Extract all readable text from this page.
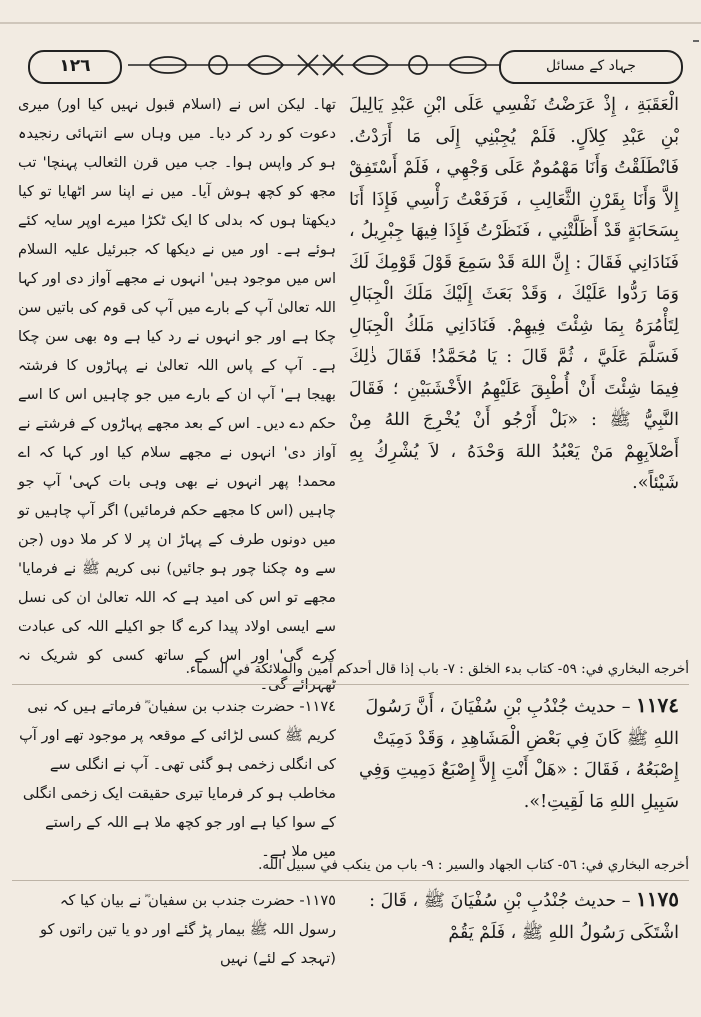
١٢٦	جہاد کے مسائل
الْعَقَبَةِ ، إِذْ عَرَضْتُ نَفْسِي عَلَى ابْنِ عَبْدِ يَالِيلَ بْنِ عَبْدِ كِلاَلٍ. فَلَمْ يُجِبْنِي إِلَى مَا أَرَدْتُ. فَانْطَلَقْتُ وَأَنَا مَهْمُومٌ عَلَى وَجْهِي ، فَلَمْ أَسْتَفِقْ إِلاَّ وَأَنَا بِقَرْنِ الثَّعَالِبِ ، فَرَفَعْتُ رَأْسِي فَإِذَا أَنَا بِسَحَابَةٍ قَدْ أَظَلَّتْنِي ، فَنَظَرْتُ فَإِذَا فِيهَا جِبْرِيلُ ، فَنَادَانِي فَقَالَ : إِنَّ اللهَ قَدْ سَمِعَ قَوْلَ قَوْمِكَ لَكَ وَمَا رَدُّوا عَلَيْكَ ، وَقَدْ بَعَثَ إِلَيْكَ مَلَكَ الْجِبَالِ لِتَأْمُرَهُ بِمَا شِئْتَ فِيهِمْ. فَنَادَانِي مَلَكُ الْجِبَالِ فَسَلَّمَ عَلَيَّ ، ثُمَّ قَالَ : يَا مُحَمَّدُ! فَقَالَ ذٰلِكَ فِيمَا شِئْتَ أَنْ أُطْبِقَ عَلَيْهِمُ الأَخْشَبَيْنِ ؛ فَقَالَ النَّبِيُّ ﷺ : «بَلْ أَرْجُو أَنْ يُخْرِجَ اللهُ مِنْ أَصْلاَبِهِمْ مَنْ يَعْبُدُ اللهَ وَحْدَهُ ، لاَ يُشْرِكُ بِهِ شَيْئاً».
تھا۔ لیکن اس نے (اسلام قبول نہیں کیا اور) میری دعوت کو رد کر دیا۔ میں وہاں سے انتہائی رنجیدہ ہو کر واپس ہوا۔ جب میں قرن الثعالب پہنچا' تب مجھ کو کچھ ہوش آیا۔ میں نے اپنا سر اٹھایا تو کیا دیکھتا ہوں کہ بدلی کا ایک ٹکڑا میرے اوپر سایہ کئے ہوئے ہے۔ اور میں نے دیکھا کہ جبرئیل علیہ السلام اس میں موجود ہیں' انہوں نے مجھے آواز دی اور کہا اللہ تعالیٰ آپ کے بارے میں آپ کی قوم کی باتیں سن چکا ہے اور جو انہوں نے رد کیا ہے وہ بھی سن چکا ہے۔ آپ کے پاس اللہ تعالیٰ نے پہاڑوں کا فرشتہ بھیجا ہے' آپ ان کے بارے میں جو چاہیں اس کا اسے حکم دے دیں۔ اس کے بعد مجھے پہاڑوں کے فرشتے نے آواز دی' انہوں نے مجھے سلام کیا اور کہا کہ اے محمد! پھر انہوں نے بھی وہی بات کہی' آپ جو چاہیں (اس کا مجھے حکم فرمائیں) اگر آپ چاہیں تو میں دونوں طرف کے پہاڑ ان پر لا کر ملا دوں (جن سے وہ چکنا چور ہو جائیں) نبی کریم ﷺ نے فرمایا' مجھے تو اس کی امید ہے کہ اللہ تعالیٰ ان کی نسل سے ایسی اولاد پیدا کرے گا جو اکیلے اللہ کی عبادت کرے گی' اور اس کے ساتھ کسی کو شریک نہ ٹھہرائے گی۔
أخرجه البخاري في: ٥٩- كتاب بدء الخلق : ٧- باب إذا قال أحدكم آمين والملائكة في السماء.
١١٧٤ – حديث جُنْدُبِ بْنِ سُفْيَانَ ، أَنَّ رَسُولَ اللهِ ﷺ كَانَ فِي بَعْضِ الْمَشَاهِدِ ، وَقَدْ دَمِيَتْ إِصْبَعُهُ ، فَقَالَ : «هَلْ أَنْتِ إِلاَّ إِصْبَعٌ دَمِيتِ وَفِي سَبِيلِ اللهِ مَا لَقِيتِ!».
١١٧٤- حضرت جندب بن سفیان ؓ فرماتے ہیں کہ نبی کریم ﷺ کسی لڑائی کے موقعہ پر موجود تھے اور آپ کی انگلی زخمی ہو گئی تھی۔ آپ نے انگلی سے مخاطب ہو کر فرمایا تیری حقیقت ایک زخمی انگلی کے سوا کیا ہے اور جو کچھ ملا ہے اللہ کے راستے میں ملا ہے۔
أخرجه البخاري في: ٥٦- كتاب الجهاد والسير : ٩- باب من ينكب في سبيل الله.
١١٧٥ – حديث جُنْدُبِ بْنِ سُفْيَانَ ﷺ ، قَالَ : اشْتَكَى رَسُولُ اللهِ ﷺ ، فَلَمْ يَقُمْ
١١٧٥- حضرت جندب بن سفیان ؓ نے بیان کیا کہ رسول اللہ ﷺ بیمار پڑ گئے اور دو یا تین راتوں کو (تہجد کے لئے) نہیں
